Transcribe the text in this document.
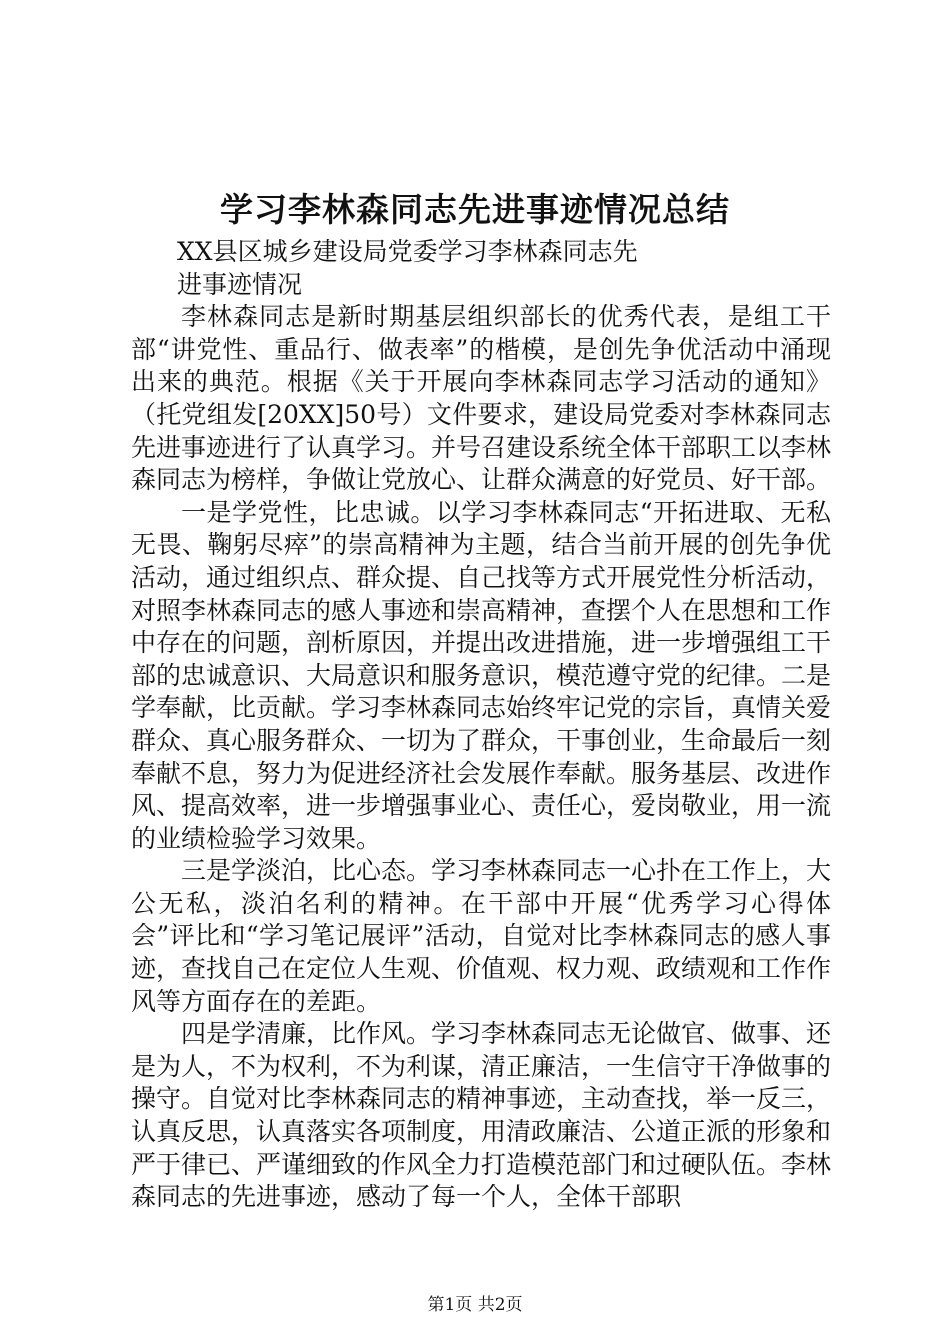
学习李林森同志先进事迹情况总结

XX县区城乡建设局党委学习李林森同志先
进事迹情况

李林森同志是新时期基层组织部长的优秀代表，是组工干部“讲党性、重品行、做表率”的楷模，是创先争优活动中涌现出来的典范。根据《关于开展向李林森同志学习活动的通知》（托党组发[20XX]50号）文件要求，建设局党委对李林森同志先进事迹进行了认真学习。并号召建设系统全体干部职工以李林森同志为榜样，争做让党放心、让群众满意的好党员、好干部。

一是学党性，比忠诚。以学习李林森同志“开拓进取、无私无畏、鞠躬尽瘁”的崇高精神为主题，结合当前开展的创先争优活动，通过组织点、群众提、自己找等方式开展党性分析活动，对照李林森同志的感人事迹和崇高精神，查摆个人在思想和工作中存在的问题，剖析原因，并提出改进措施，进一步增强组工干部的忠诚意识、大局意识和服务意识，模范遵守党的纪律。二是学奉献，比贡献。学习李林森同志始终牢记党的宗旨，真情关爱群众、真心服务群众、一切为了群众，干事创业，生命最后一刻奉献不息，努力为促进经济社会发展作奉献。服务基层、改进作风、提高效率，进一步增强事业心、责任心，爱岗敬业，用一流的业绩检验学习效果。

三是学淡泊，比心态。学习李林森同志一心扑在工作上，大公无私，淡泊名利的精神。在干部中开展“优秀学习心得体会”评比和“学习笔记展评”活动，自觉对比李林森同志的感人事迹，查找自己在定位人生观、价值观、权力观、政绩观和工作作风等方面存在的差距。

四是学清廉，比作风。学习李林森同志无论做官、做事、还是为人，不为权利，不为利谋，清正廉洁，一生信守干净做事的操守。自觉对比李林森同志的精神事迹，主动查找，举一反三，认真反思，认真落实各项制度，用清政廉洁、公道正派的形象和严于律已、严谨细致的作风全力打造模范部门和过硬队伍。李林森同志的先进事迹，感动了每一个人，全体干部职

第1页 共2页
